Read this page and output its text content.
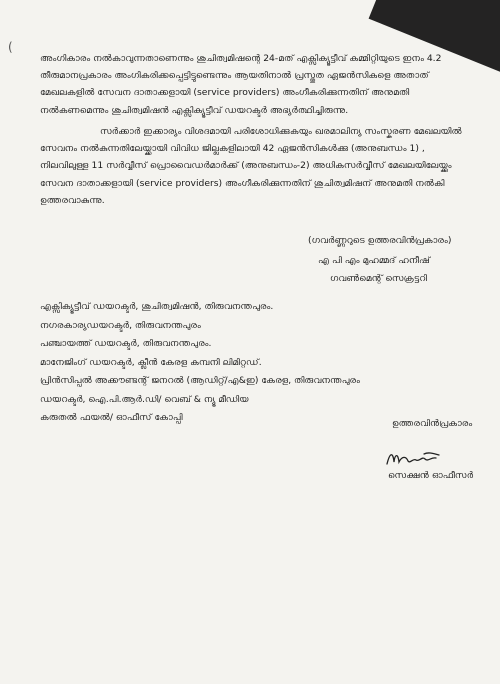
(
അംഗികാരം നൽകാവുന്നതാണെന്നും ശുചിത്വമിഷന്റെ 24-മത് എക്സിക്യൂട്ടീവ് കമ്മിറ്റിയുടെ ഇനം 4.2
തീരുമാനപ്രകാരം അംഗികരിക്കപ്പെട്ടിട്ടുണ്ടെന്നും ആയതിനാൽ പ്രസ്തുത ഏജൻസികളെ അതാത്
മേഖലകളിൽ സേവന ദാതാക്കളായി (service providers) അംഗീകരിക്കുന്നതിന് അനുമതി
നൽകണമെന്നും ശുചിത്വമിഷൻ എക്സിക്യൂട്ടീവ് ഡയറക്ടർ അഭ്യർത്ഥിച്ചിരുന്നു.
സർക്കാർ ഇക്കാര്യം വിശദമായി പരിശോധിക്കുകയും ഖരമാലിന്യ സംസ്കരണ മേഖലയിൽ
സേവനം നൽകുന്നതിലേയ്ക്കായി വിവിധ ജില്ലകളിലായി 42 ഏജൻസികൾക്കു (അനുബന്ധം 1) ,
നിലവിലുള്ള 11 സർവ്വീസ് പ്രൊവൈഡർമാർക്ക് (അനുബന്ധം-2) അധികസർവ്വീസ് മേഖലയിലേയ്ക്കും
സേവന ദാതാക്കളായി (service providers) അംഗീകരിക്കുന്നതിന് ശുചിത്വമിഷന് അനുമതി നൽകി
ഉത്തരവാകുന്നു.
(ഗവർണ്ണറുടെ ഉത്തരവിൻപ്രകാരം)
എ പി എം മുഹമ്മദ് ഹനീഷ്
ഗവൺമെന്റ് സെക്രട്ടറി
എക്സിക്യൂട്ടീവ് ഡയറക്ടർ, ശുചിത്വമിഷൻ, തിരുവനന്തപുരം.
നഗരകാര്യഡയറക്ടർ, തിരുവനന്തപുരം
പഞ്ചായത്ത് ഡയറക്ടർ, തിരുവനന്തപുരം.
മാനേജിംഗ് ഡയറക്ടർ, ക്ലീൻ കേരള കമ്പനി ലിമിറ്റഡ്.
പ്രിൻസിപ്പൽ അക്കൗണ്ടന്റ് ജനറൽ (ആഡിറ്റ്/എ&ഇ) കേരള, തിരുവനന്തപുരം
ഡയറക്ടർ, ഐ.പി.ആർ.ഡി/ വെബ് & ന്യൂ മീഡിയ
കരുതൽ ഫയൽ/ ഓഫീസ് കോപ്പി
ഉത്തരവിൻപ്രകാരം
സെക്ഷൻ ഓഫീസർ
